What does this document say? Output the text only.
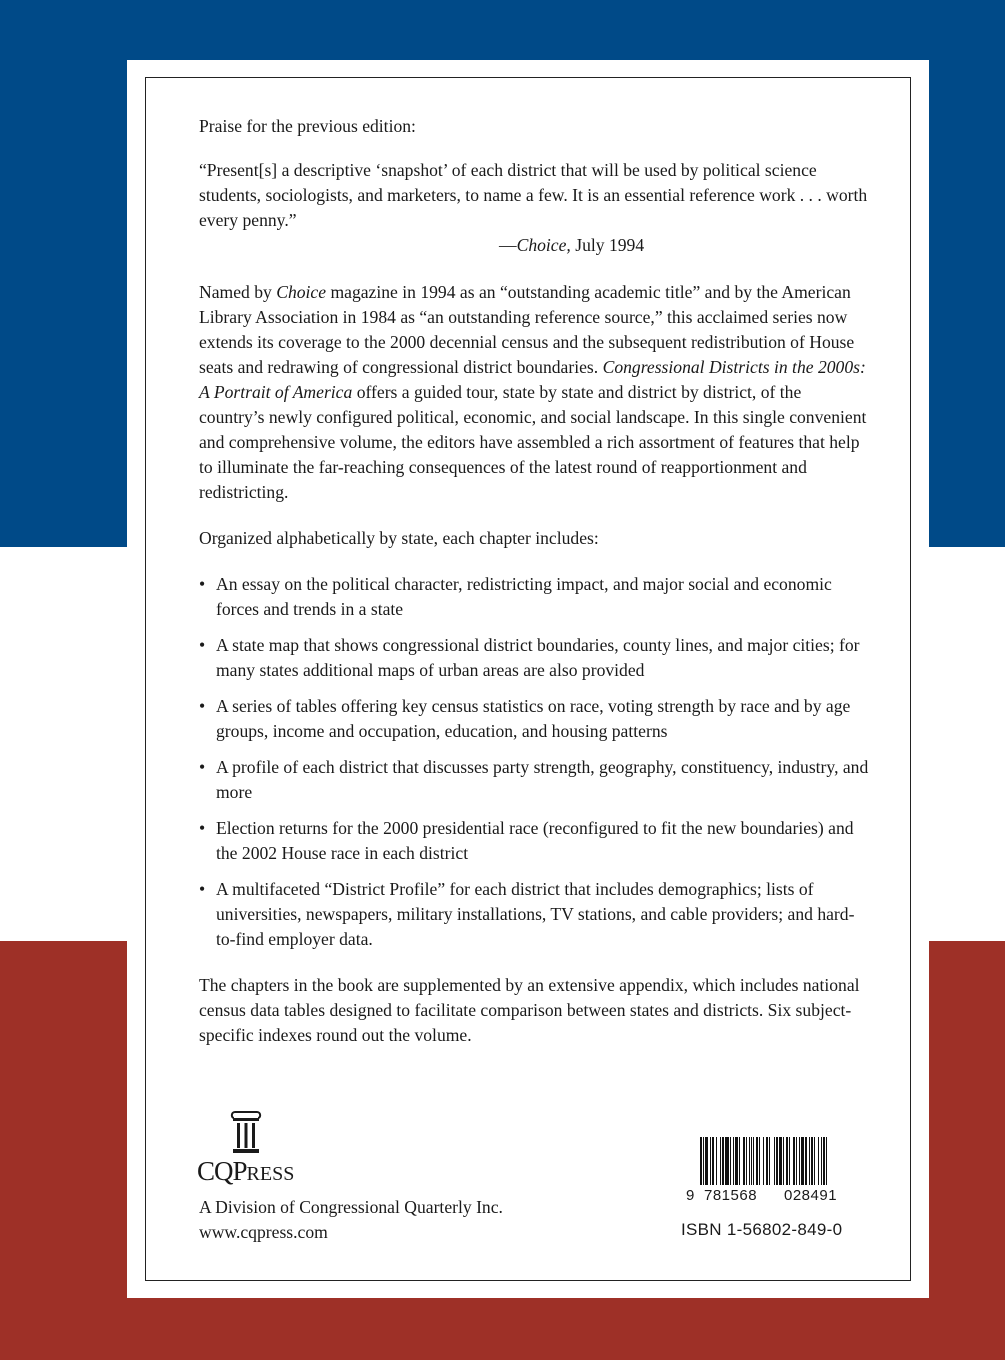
Praise for the previous edition:

“Present[s] a descriptive ‘snapshot’ of each district that will be used by political science students, sociologists, and marketers, to name a few. It is an essential reference work . . . worth every penny.”

—Choice, July 1994

Named by Choice magazine in 1994 as an “outstanding academic title” and by the American Library Association in 1984 as “an outstanding reference source,” this acclaimed series now extends its coverage to the 2000 decennial census and the subsequent redistribution of House seats and redrawing of congressional district boundaries. Congressional Districts in the 2000s: A Portrait of America offers a guided tour, state by state and district by district, of the country’s newly configured political, economic, and social landscape. In this single convenient and comprehensive volume, the editors have assembled a rich assortment of features that help to illuminate the far-reaching consequences of the latest round of reapportionment and redistricting.

Organized alphabetically by state, each chapter includes:

• An essay on the political character, redistricting impact, and major social and economic forces and trends in a state
• A state map that shows congressional district boundaries, county lines, and major cities; for many states additional maps of urban areas are also provided
• A series of tables offering key census statistics on race, voting strength by race and by age groups, income and occupation, education, and housing patterns
• A profile of each district that discusses party strength, geography, constituency, industry, and more
• Election returns for the 2000 presidential race (reconfigured to fit the new boundaries) and the 2002 House race in each district
• A multifaceted “District Profile” for each district that includes demographics; lists of universities, newspapers, military installations, TV stations, and cable providers; and hard-to-find employer data.

The chapters in the book are supplemented by an extensive appendix, which includes national census data tables designed to facilitate comparison between states and districts. Six subject-specific indexes round out the volume.

CQPRESS
A Division of Congressional Quarterly Inc.
www.cqpress.com
9 781568 028491
ISBN 1-56802-849-0
